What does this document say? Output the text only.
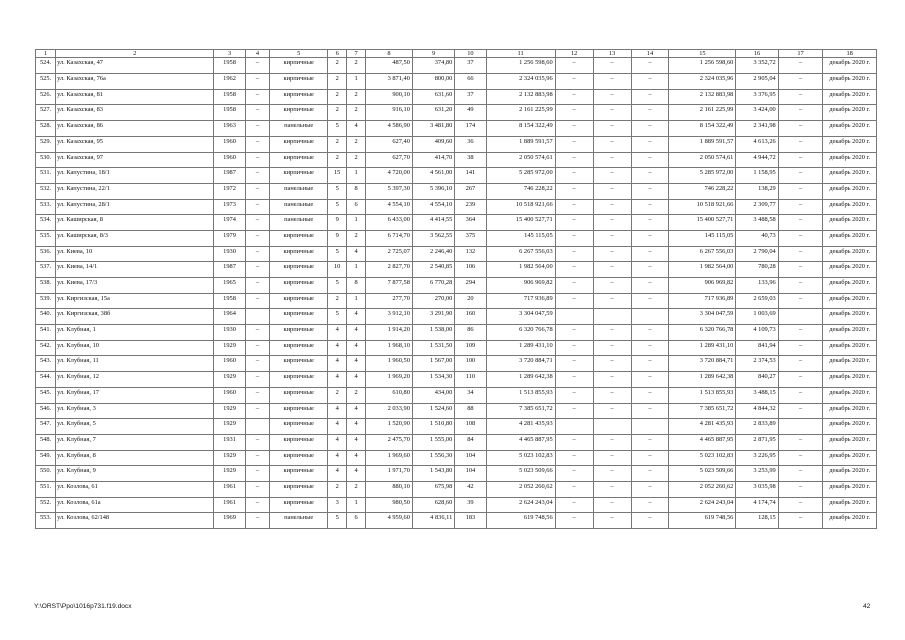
1	2	3	4	5	6	7	8	9	10	11	12	13	14	15	16	17	18
524.	ул. Казахская, 47	1958	–	кирпичные	2	2	487,50	374,80	37	1 256 598,60	–	–	–	1 256 598,60	3 352,72	–	декабрь 2020 г.
525.	ул. Казахская, 76а	1962	–	кирпичные	2	1	3 871,40	800,00	66	2 324 035,96	–	–	–	2 324 035,96	2 905,04	–	декабрь 2020 г.
526.	ул. Казахская, 81	1958	–	кирпичные	2	2	900,10	631,60	37	2 132 883,98	–	–	–	2 132 883,98	3 376,95	–	декабрь 2020 г.
527.	ул. Казахская, 83	1958	–	кирпичные	2	2	916,10	631,20	49	2 161 225,99	–	–	–	2 161 225,99	3 424,00	–	декабрь 2020 г.
528.	ул. Казахская, 86	1963	–	панельные	5	4	4 586,90	3 481,80	174	8 154 322,49	–	–	–	8 154 322,49	2 341,98	–	декабрь 2020 г.
529.	ул. Казахская, 95	1960	–	кирпичные	2	2	627,40	409,60	36	1 889 591,57	–	–	–	1 889 591,57	4 613,26	–	декабрь 2020 г.
530.	ул. Казахская, 97	1960	–	кирпичные	2	2	627,70	414,70	38	2 050 574,61	–	–	–	2 050 574,61	4 944,72	–	декабрь 2020 г.
531.	ул. Капустина, 18/1	1987	–	кирпичные	15	1	4 720,00	4 561,00	141	5 285 972,00	–	–	–	5 285 972,00	1 158,95	–	декабрь 2020 г.
532.	ул. Капустина, 22/1	1972	–	панельные	5	8	5 397,30	5 396,10	267	746 228,22	–	–	–	746 228,22	138,29	–	декабрь 2020 г.
533.	ул. Капустина, 28/1	1973	–	панельные	5	6	4 554,10	4 554,10	239	10 518 921,66	–	–	–	10 518 921,66	2 309,77	–	декабрь 2020 г.
534.	ул. Каширская, 8	1974	–	панельные	9	1	6 433,00	4 414,55	364	15 400 527,71	–	–	–	15 400 527,71	3 488,58	–	декабрь 2020 г.
535.	ул. Каширская, 8/3	1979	–	кирпичные	9	2	6 714,70	3 562,55	375	145 115,05	–	–	–	145 115,05	40,73	–	декабрь 2020 г.
536.	ул. Киева, 10	1930	–	кирпичные	5	4	2 725,07	2 246,40	132	6 267 556,03	–	–	–	6 267 556,03	2 790,04	–	декабрь 2020 г.
537.	ул. Киева, 14/1	1987	–	кирпичные	10	1	2 827,70	2 540,85	106	1 982 564,00	–	–	–	1 982 564,00	780,28	–	декабрь 2020 г.
538.	ул. Киева, 17/3	1965	–	кирпичные	5	8	7 877,58	6 770,28	294	906 969,82	–	–	–	906 969,82	133,96	–	декабрь 2020 г.
539.	ул. Киргизская, 15а	1958	–	кирпичные	2	1	277,70	270,00	20	717 936,89	–	–	–	717 936,89	2 659,03	–	декабрь 2020 г.
540.	ул. Киргизская, 38б	1964		кирпичные	5	4	3 912,10	3 291,90	160	3 304 047,59				3 304 047,59	1 003,69		декабрь 2020 г.
541.	ул. Клубная, 1	1930	–	кирпичные	4	4	1 914,20	1 538,00	86	6 320 766,78	–	–	–	6 320 766,78	4 109,73	–	декабрь 2020 г.
542.	ул. Клубная, 10	1929	–	кирпичные	4	4	1 968,10	1 531,50	109	1 289 431,10	–	–	–	1 289 431,10	841,94	–	декабрь 2020 г.
543.	ул. Клубная, 11	1960	–	кирпичные	4	4	1 960,50	1 567,00	100	3 720 884,71	–	–	–	3 720 884,71	2 374,53	–	декабрь 2020 г.
544.	ул. Клубная, 12	1929	–	кирпичные	4	4	1 969,20	1 534,30	110	1 289 642,38	–	–	–	1 289 642,38	840,27	–	декабрь 2020 г.
545.	ул. Клубная, 17	1960	–	кирпичные	2	2	610,80	434,00	34	1 513 855,93	–	–	–	1 513 855,93	3 488,15	–	декабрь 2020 г.
546.	ул. Клубная, 3	1929	–	кирпичные	4	4	2 033,90	1 524,60	88	7 385 651,72	–	–	–	7 385 651,72	4 844,32	–	декабрь 2020 г.
547.	ул. Клубная, 5	1929		кирпичные	4	4	1 520,90	1 510,80	108	4 281 435,93				4 281 435,93	2 833,89		декабрь 2020 г.
548.	ул. Клубная, 7	1931	–	кирпичные	4	4	2 475,70	1 555,00	84	4 465 887,95	–	–	–	4 465 887,95	2 871,95	–	декабрь 2020 г.
549.	ул. Клубная, 8	1929	–	кирпичные	4	4	1 969,60	1 556,30	104	5 023 102,83	–	–	–	5 023 102,83	3 226,95	–	декабрь 2020 г.
550.	ул. Клубная, 9	1929	–	кирпичные	4	4	1 971,70	1 543,80	104	5 023 509,66	–	–	–	5 023 509,66	3 253,99	–	декабрь 2020 г.
551.	ул. Козлова, 61	1961	–	кирпичные	2	2	880,10	675,98	42	2 052 260,62	–	–	–	2 052 260,62	3 035,98	–	декабрь 2020 г.
552.	ул. Козлова, 61а	1961	–	кирпичные	3	1	980,50	628,60	39	2 624 243,04	–	–	–	2 624 243,04	4 174,74	–	декабрь 2020 г.
553.	ул. Козлова, 62/148	1969	–	панельные	5	6	4 959,60	4 836,11	183	619 748,56	–	–	–	619 748,56	128,15	–	декабрь 2020 г.
Y:\ORST\Ppo\1016р731.f19.docx	42
